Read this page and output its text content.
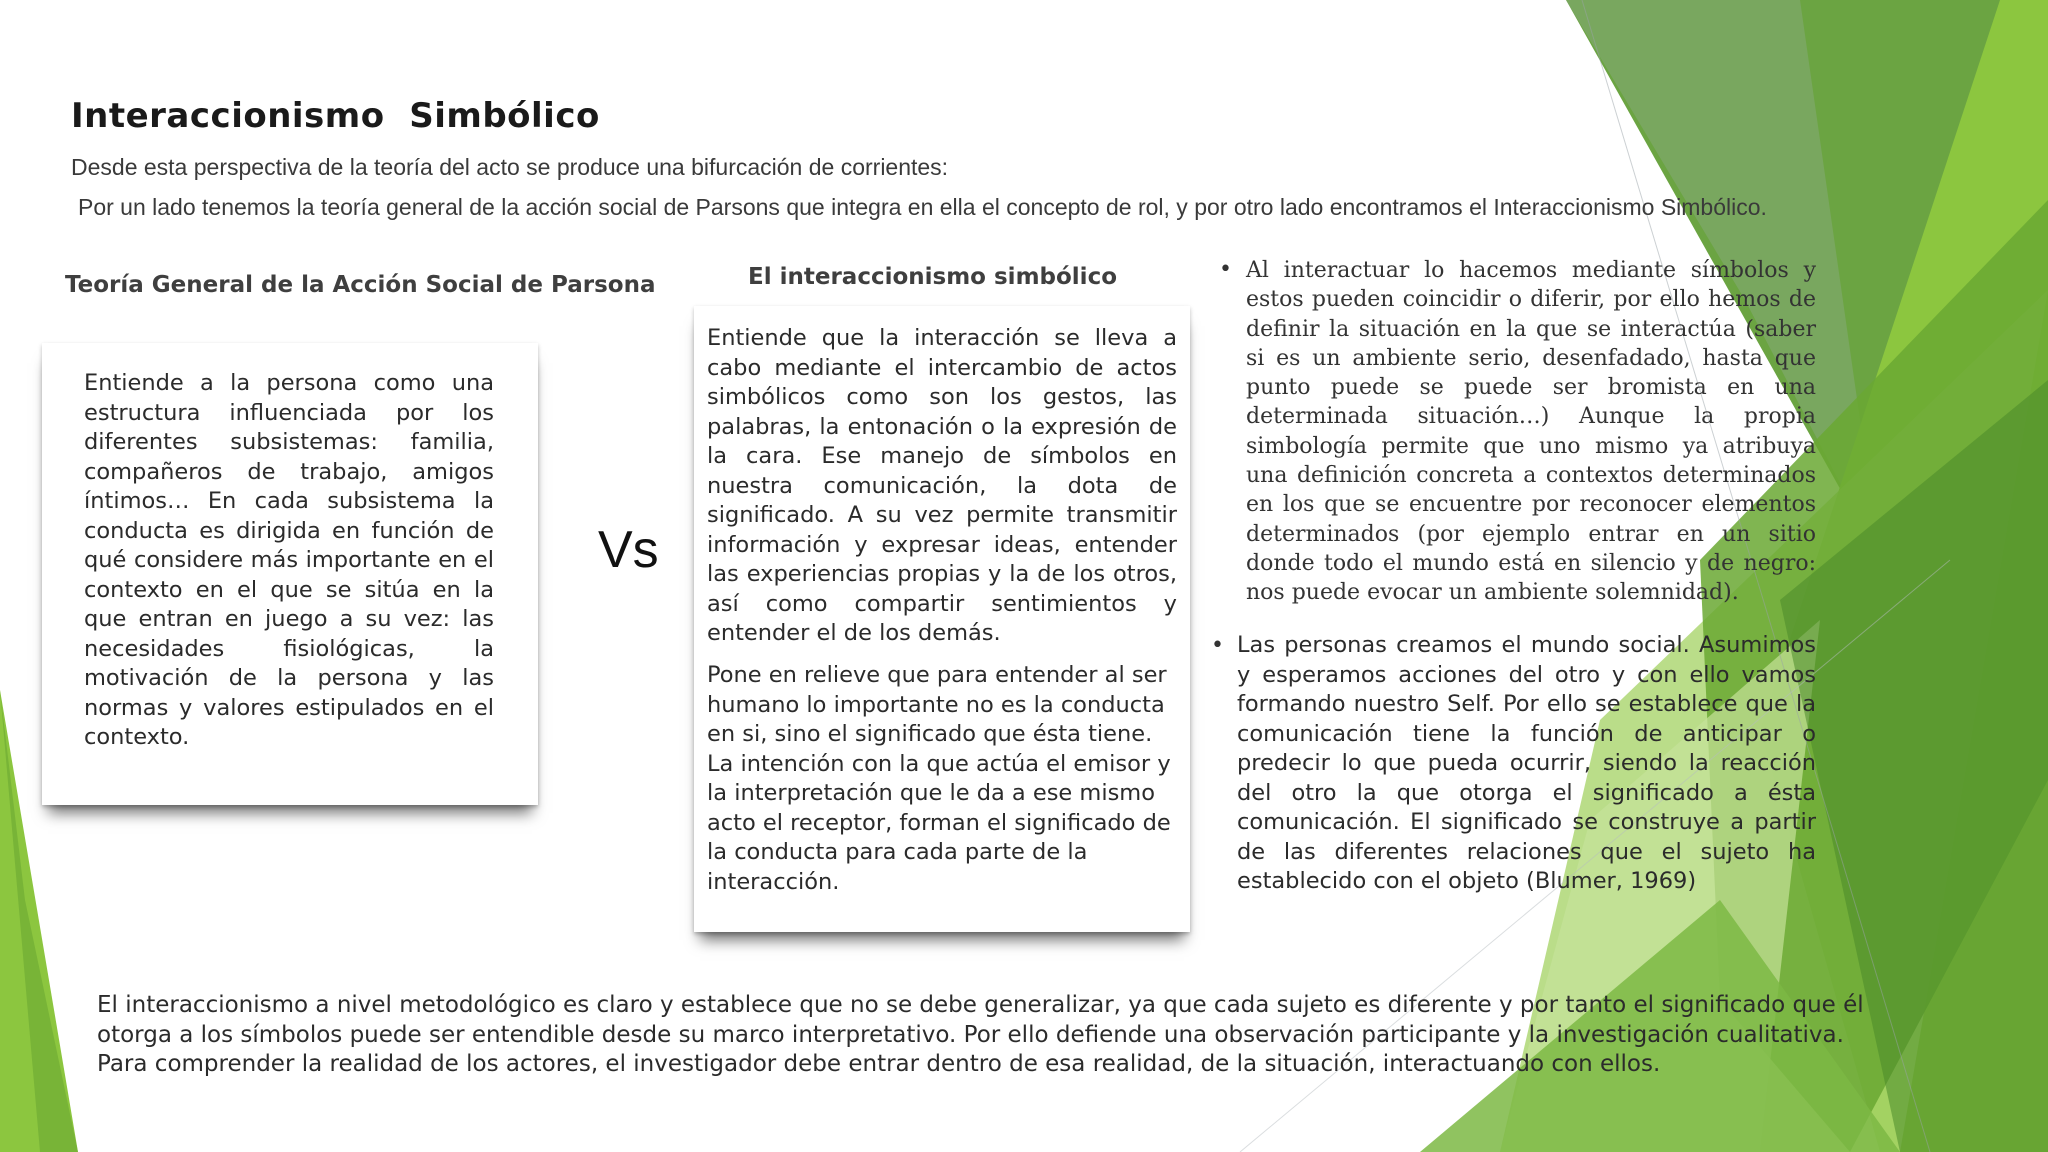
Interaccionismo  Simbólico
Desde esta perspectiva de la teoría del acto se produce una bifurcación de corrientes:
Por un lado tenemos la teoría general de la acción social de Parsons que integra en ella el concepto de rol, y por otro lado encontramos el Interaccionismo Simbólico.
Teoría General de la Acción Social de Parsona	El interaccionismo simbólico

Entiende a la persona como una estructura influenciada por los diferentes subsistemas: familia, compañeros de trabajo, amigos íntimos… En cada subsistema la conducta es dirigida en función de qué considere más importante en el contexto en el que se sitúa en la que entran en juego a su vez: las necesidades fisiológicas, la motivación de la persona y las normas y valores estipulados en el contexto.

Vs

Entiende que la interacción se lleva a cabo mediante el intercambio de actos simbólicos como son los gestos, las palabras, la entonación o la expresión de la cara. Ese manejo de símbolos en nuestra comunicación, la dota de significado. A su vez permite transmitir información y expresar ideas, entender las experiencias propias y la de los otros, así como compartir sentimientos y entender el de los demás.

Pone en relieve que para entender al ser humano lo importante no es la conducta en si, sino el significado que ésta tiene. La intención con la que actúa el emisor y la interpretación que le da a ese mismo acto el receptor, forman el significado de la conducta para cada parte de la interacción.

• Al interactuar lo hacemos mediante símbolos y estos pueden coincidir o diferir, por ello hemos de definir la situación en la que se interactúa (saber si es un ambiente serio, desenfadado, hasta que punto puede se puede ser bromista en una determinada situación…) Aunque la propia simbología permite que uno mismo ya atribuya una definición concreta a contextos determinados en los que se encuentre por reconocer elementos determinados (por ejemplo entrar en un sitio donde todo el mundo está en silencio y de negro: nos puede evocar un ambiente solemnidad).

• Las personas creamos el mundo social. Asumimos y esperamos acciones del otro y con ello vamos formando nuestro Self. Por ello se establece que la comunicación tiene la función de anticipar o predecir lo que pueda ocurrir, siendo la reacción del otro la que otorga el significado a ésta comunicación. El significado se construye a partir de las diferentes relaciones que el sujeto ha establecido con el objeto (Blumer, 1969)

El interaccionismo a nivel metodológico es claro y establece que no se debe generalizar, ya que cada sujeto es diferente y por tanto el significado que él otorga a los símbolos puede ser entendible desde su marco interpretativo. Por ello defiende una observación participante y la investigación cualitativa. Para comprender la realidad de los actores, el investigador debe entrar dentro de esa realidad, de la situación, interactuando con ellos.
